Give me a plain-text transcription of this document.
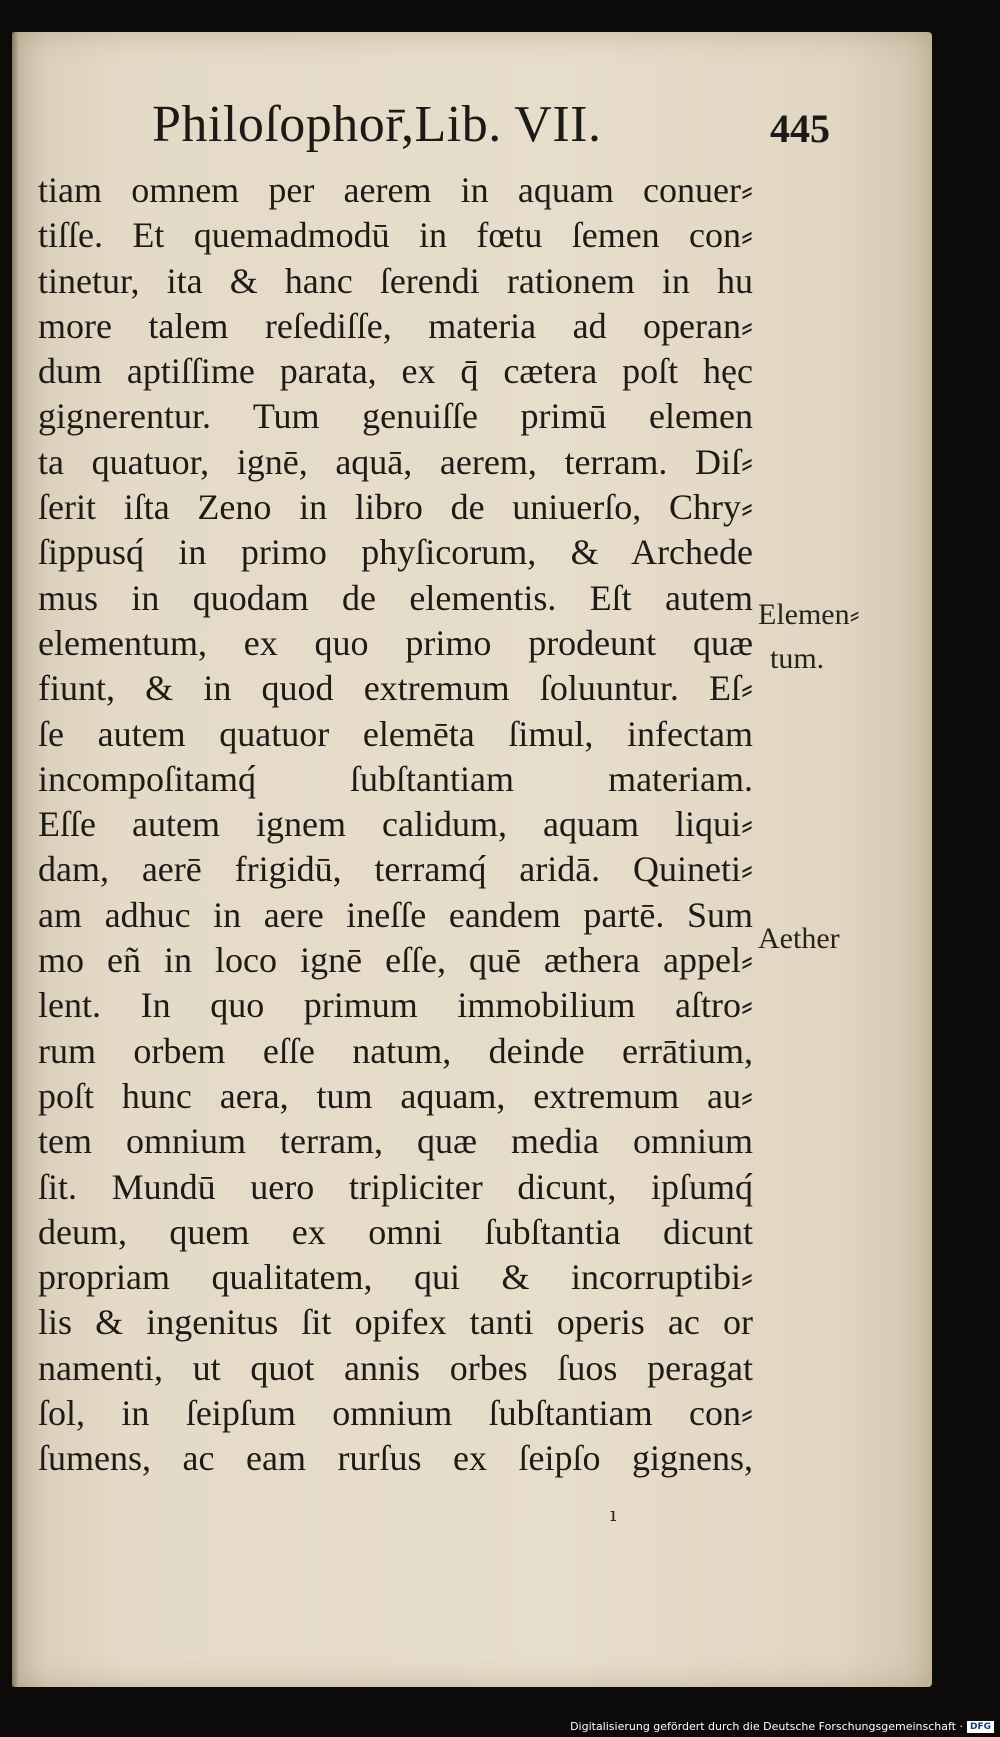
Philoſophor̄,Lib. VII.	445
tiam omnem per aerem in aquam conuer⸗
tiſſe. Et quemadmodū in fœtu ſemen con⸗
tinetur, ita & hanc ſerendi rationem in hu
more talem reſediſſe, materia ad operan⸗
dum aptiſſime parata, ex q̄ cætera poſt hęc
gignerentur. Tum genuiſſe primū elemen
ta quatuor, ignē, aquā, aerem, terram. Diſ⸗
ſerit iſta Zeno in libro de uniuerſo, Chry⸗
ſippusq́ in primo phyſicorum, & Archede
mus in quodam de elementis. Eſt autem
elementum, ex quo primo prodeunt quæ
fiunt, & in quod extremum ſoluuntur. Eſ⸗
ſe autem quatuor elemēta ſimul, infectam
incompoſitamq́ ſubſtantiam materiam.
Eſſe autem ignem calidum, aquam liqui⸗
dam, aerē frigidū, terramq́ aridā. Quineti⸗
am adhuc in aere ineſſe eandem partē. Sum
mo eñ in loco ignē eſſe, quē æthera appel⸗
lent. In quo primum immobilium aſtro⸗
rum orbem eſſe natum, deinde errātium,
poſt hunc aera, tum aquam, extremum au⸗
tem omnium terram, quæ media omnium
ſit. Mundū uero tripliciter dicunt, ipſumq́
deum, quem ex omni ſubſtantia dicunt
propriam qualitatem, qui & incorruptibi⸗
lis & ingenitus ſit opifex tanti operis ac or
namenti, ut quot annis orbes ſuos peragat
ſol, in ſeipſum omnium ſubſtantiam con⸗
ſumens, ac eam rurſus ex ſeipſo gignens,
Elemen⸗
tum.
Aether
ı
Digitalisierung gefördert durch die Deutsche Forschungsgemeinschaft · DFG
